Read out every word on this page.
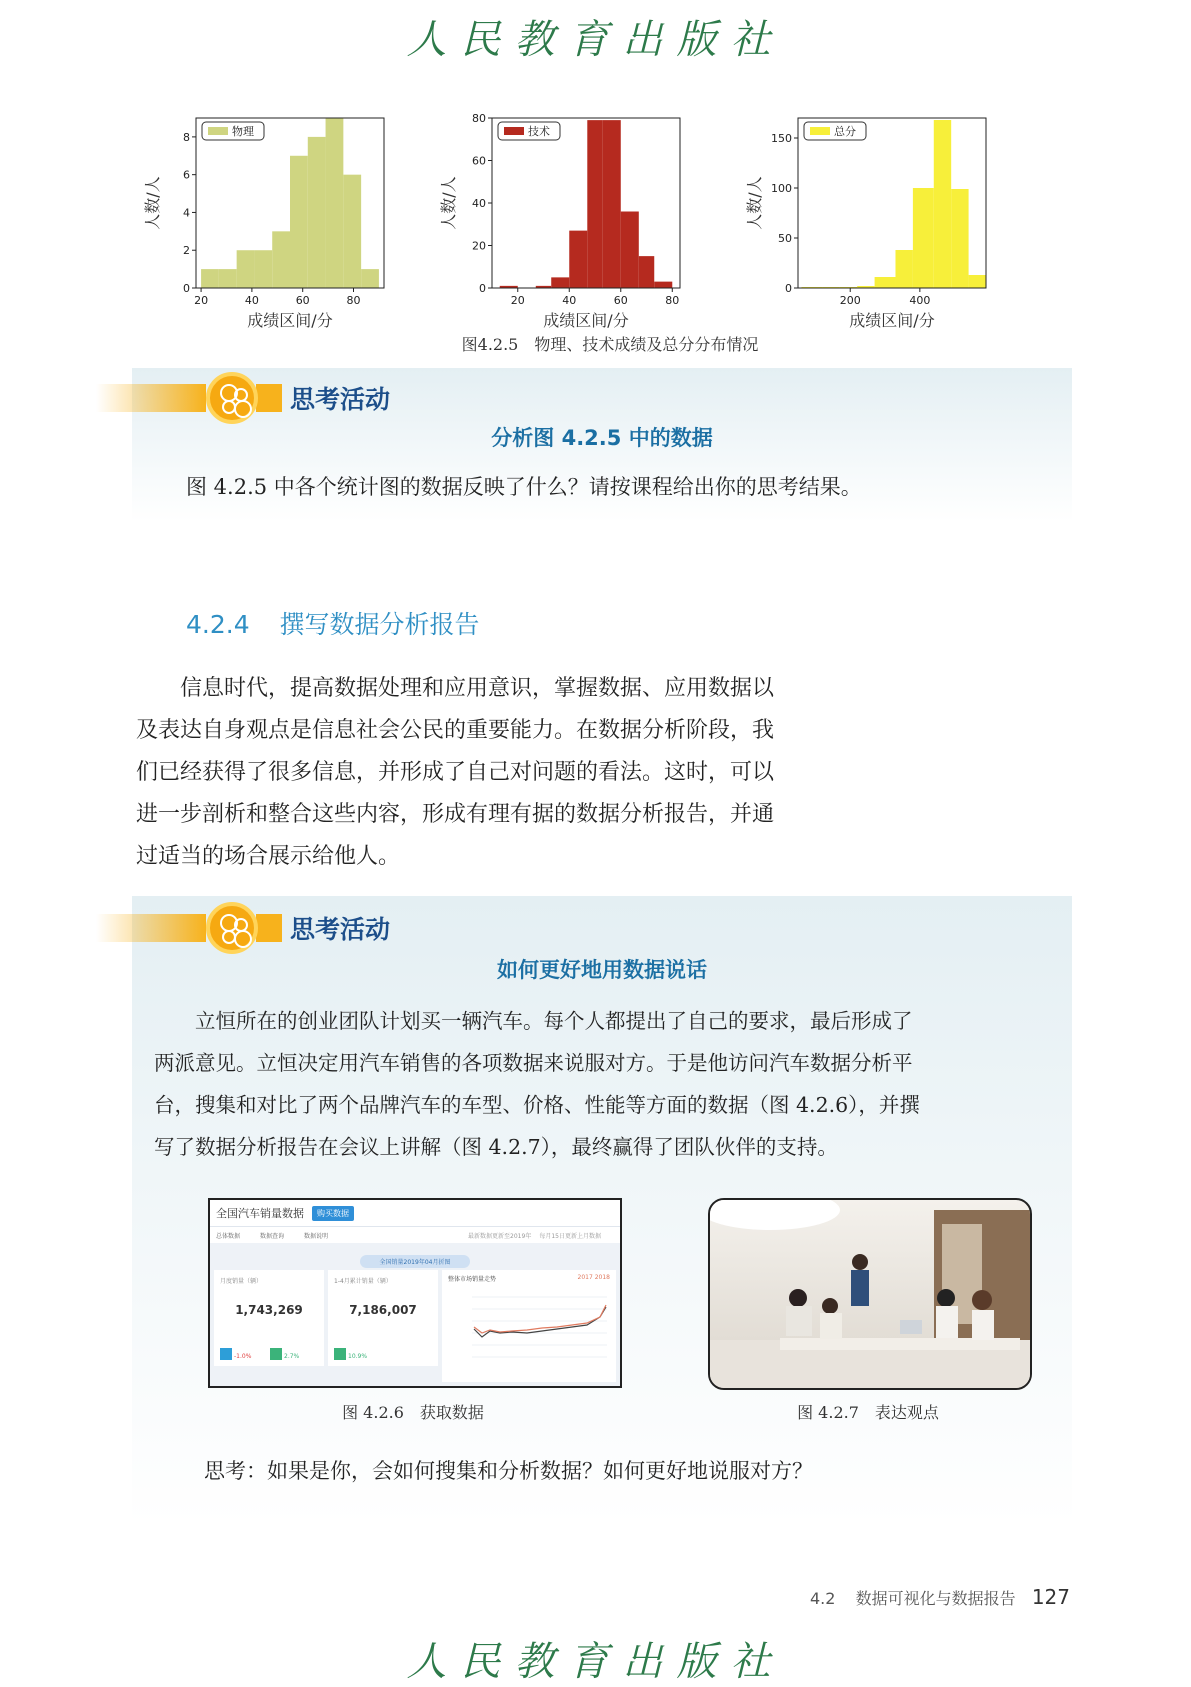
人民教育出版社
20	40	60	80
0
2
4
6
8
成绩区间/分
人数/人
物理
20	40	60	80
0
20
40
60
80
成绩区间/分
人数/人
技术
200	400
0
50
100
150
成绩区间/分
人数/人
总分
图4.2.5　物理、技术成绩及总分分布情况
思考活动
分析图 4.2.5 中的数据
图 4.2.5 中各个统计图的数据反映了什么？请按课程给出你的思考结果。
4.2.4 撰写数据分析报告
　　信息时代，提高数据处理和应用意识，掌握数据、应用数据以
及表达自身观点是信息社会公民的重要能力。在数据分析阶段，我
们已经获得了很多信息，并形成了自己对问题的看法。这时，可以
进一步剖析和整合这些内容，形成有理有据的数据分析报告，并通
过适当的场合展示给他人。
思考活动
如何更好地用数据说话
　　立恒所在的创业团队计划买一辆汽车。每个人都提出了自己的要求，最后形成了
两派意见。立恒决定用汽车销售的各项数据来说服对方。于是他访问汽车数据分析平
台，搜集和对比了两个品牌汽车的车型、价格、性能等方面的数据（图 4.2.6），并撰
写了数据分析报告在会议上讲解（图 4.2.7），最终赢得了团队伙伴的支持。
全国汽车销量数据	购买数据
总体数据	数据查询	数据说明	最新数据更新至2019年 每月15日更新上月数据
全国销量2019年04月折图
月度销量（辆）
1,743,269
-1.0%	2.7%
1-4月累计销量（辆）
7,186,007
10.9%
整体市场销量走势	2017 2018
图 4.2.6　获取数据	图 4.2.7　表达观点
思考：如果是你，会如何搜集和分析数据？如何更好地说服对方？
4.2 数据可视化与数据报告 127
人民教育出版社
